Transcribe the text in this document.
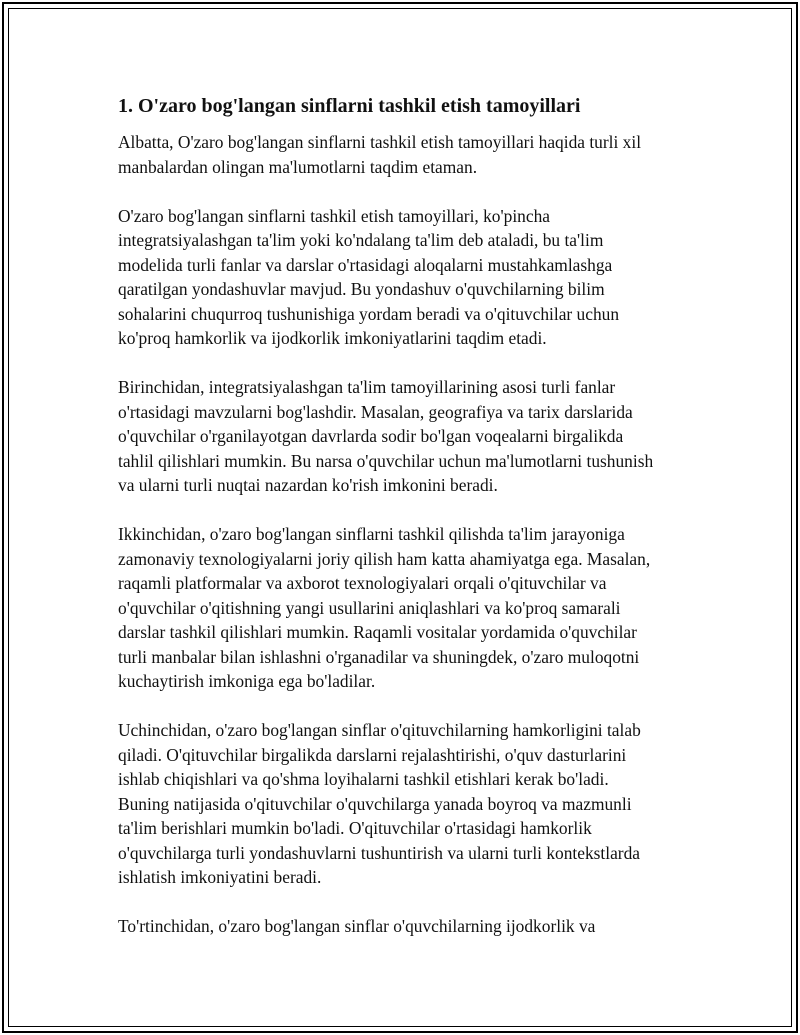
1. O'zaro bog'langan sinflarni tashkil etish tamoyillari

Albatta, O'zaro bog'langan sinflarni tashkil etish tamoyillari haqida turli xil
manbalardan olingan ma'lumotlarni taqdim etaman.

O'zaro bog'langan sinflarni tashkil etish tamoyillari, ko'pincha
integratsiyalashgan ta'lim yoki ko'ndalang ta'lim deb ataladi, bu ta'lim
modelida turli fanlar va darslar o'rtasidagi aloqalarni mustahkamlashga
qaratilgan yondashuvlar mavjud. Bu yondashuv o'quvchilarning bilim
sohalarini chuqurroq tushunishiga yordam beradi va o'qituvchilar uchun
ko'proq hamkorlik va ijodkorlik imkoniyatlarini taqdim etadi.

Birinchidan, integratsiyalashgan ta'lim tamoyillarining asosi turli fanlar
o'rtasidagi mavzularni bog'lashdir. Masalan, geografiya va tarix darslarida
o'quvchilar o'rganilayotgan davrlarda sodir bo'lgan voqealarni birgalikda
tahlil qilishlari mumkin. Bu narsa o'quvchilar uchun ma'lumotlarni tushunish
va ularni turli nuqtai nazardan ko'rish imkonini beradi.

Ikkinchidan, o'zaro bog'langan sinflarni tashkil qilishda ta'lim jarayoniga
zamonaviy texnologiyalarni joriy qilish ham katta ahamiyatga ega. Masalan,
raqamli platformalar va axborot texnologiyalari orqali o'qituvchilar va
o'quvchilar o'qitishning yangi usullarini aniqlashlari va ko'proq samarali
darslar tashkil qilishlari mumkin. Raqamli vositalar yordamida o'quvchilar
turli manbalar bilan ishlashni o'rganadilar va shuningdek, o'zaro muloqotni
kuchaytirish imkoniga ega bo'ladilar.

Uchinchidan, o'zaro bog'langan sinflar o'qituvchilarning hamkorligini talab
qiladi. O'qituvchilar birgalikda darslarni rejalashtirishi, o'quv dasturlarini
ishlab chiqishlari va qo'shma loyihalarni tashkil etishlari kerak bo'ladi.
Buning natijasida o'qituvchilar o'quvchilarga yanada boyroq va mazmunli
ta'lim berishlari mumkin bo'ladi. O'qituvchilar o'rtasidagi hamkorlik
o'quvchilarga turli yondashuvlarni tushuntirish va ularni turli kontekstlarda
ishlatish imkoniyatini beradi.

To'rtinchidan, o'zaro bog'langan sinflar o'quvchilarning ijodkorlik va
